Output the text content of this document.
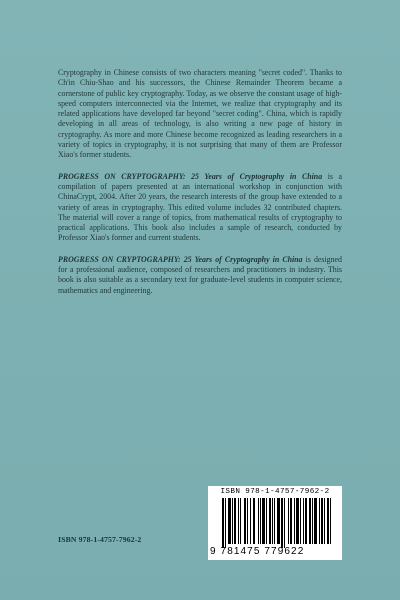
Cryptography in Chinese consists of two characters meaning "secret coded". Thanks to Ch'in Chiu-Shao and his successors, the Chinese Remainder Theorem became a cornerstone of public key cryptography. Today, as we observe the constant usage of high-speed computers interconnected via the Internet, we realize that cryptography and its related applications have developed far beyond "secret coding". China, which is rapidly developing in all areas of technology, is also writing a new page of history in cryptography. As more and more Chinese become recognized as leading researchers in a variety of topics in cryptography, it is not surprising that many of them are Professor Xiao's former students.

PROGRESS ON CRYPTOGRAPHY: 25 Years of Cryptography in China is a compilation of papers presented at an international workshop in conjunction with ChinaCrypt, 2004. After 20 years, the research interests of the group have extended to a variety of areas in cryptography. This edited volume includes 32 contributed chapters. The material will cover a range of topics, from mathematical results of cryptography to practical applications. This book also includes a sample of research, conducted by Professor Xiao's former and current students.

PROGRESS ON CRYPTOGRAPHY: 25 Years of Cryptography in China is designed for a professional audience, composed of researchers and practitioners in industry. This book is also suitable as a secondary text for graduate-level students in computer science, mathematics and engineering.

ISBN 978-1-4757-7962-2
ISBN 978-1-4757-7962-2
9 781475 779622
